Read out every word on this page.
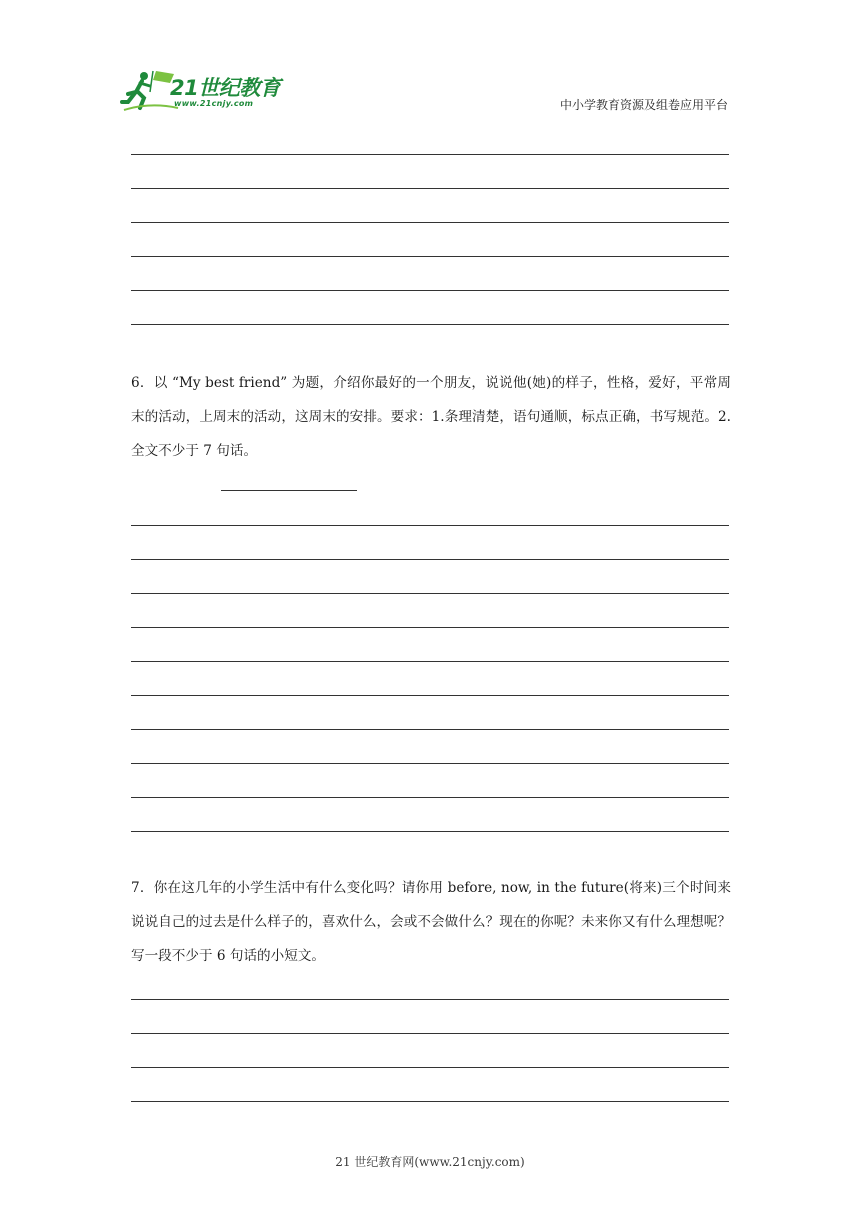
21世纪教育
www.21cnjy.com	中小学教育资源及组卷应用平台
6．以 “My best friend” 为题，介绍你最好的一个朋友，说说他(她)的样子，性格，爱好，平常周末的活动，上周末的活动，这周末的安排。要求：1.条理清楚，语句通顺，标点正确，书写规范。2.全文不少于 7 句话。
7．你在这几年的小学生活中有什么变化吗？请你用 before, now, in the future(将来)三个时间来说说自己的过去是什么样子的，喜欢什么，会或不会做什么？现在的你呢？未来你又有什么理想呢？写一段不少于 6 句话的小短文。
21 世纪教育网(www.21cnjy.com)
